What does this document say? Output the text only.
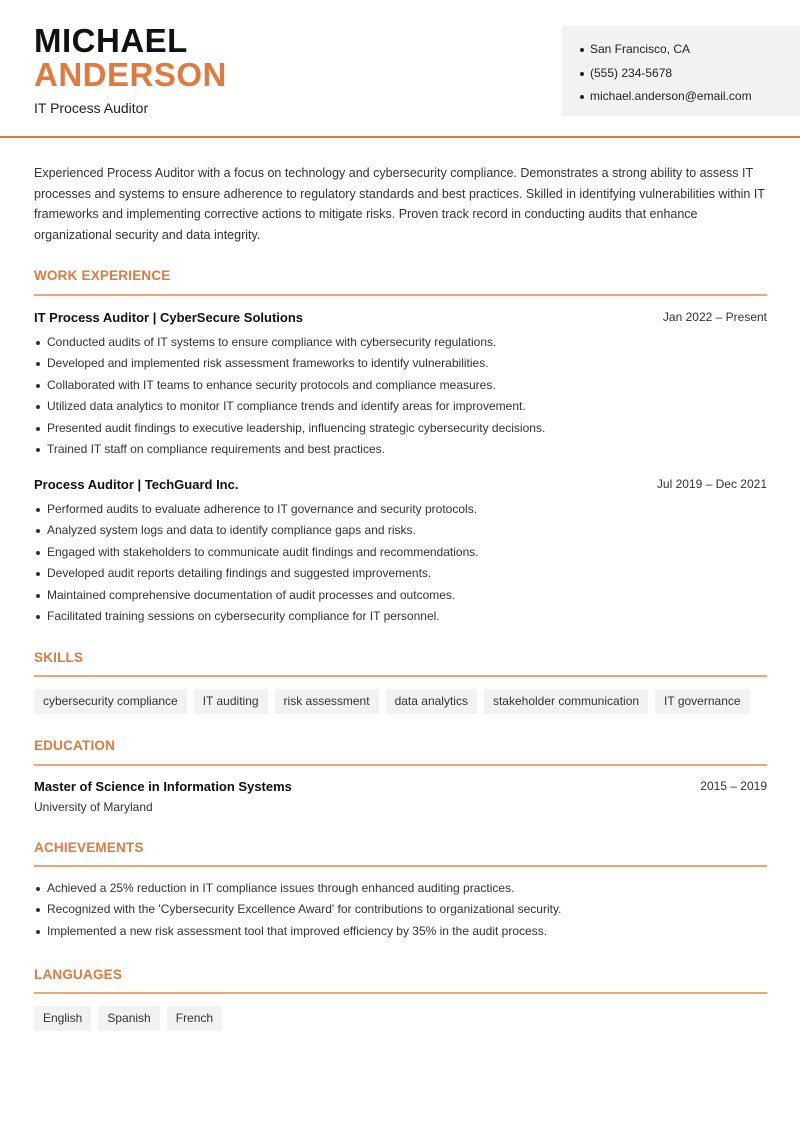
MICHAEL
ANDERSON
IT Process Auditor
San Francisco, CA
(555) 234-5678
michael.anderson@email.com

Experienced Process Auditor with a focus on technology and cybersecurity compliance. Demonstrates a strong ability to assess IT processes and systems to ensure adherence to regulatory standards and best practices. Skilled in identifying vulnerabilities within IT frameworks and implementing corrective actions to mitigate risks. Proven track record in conducting audits that enhance organizational security and data integrity.

WORK EXPERIENCE
IT Process Auditor | CyberSecure Solutions	Jan 2022 – Present
Conducted audits of IT systems to ensure compliance with cybersecurity regulations.
Developed and implemented risk assessment frameworks to identify vulnerabilities.
Collaborated with IT teams to enhance security protocols and compliance measures.
Utilized data analytics to monitor IT compliance trends and identify areas for improvement.
Presented audit findings to executive leadership, influencing strategic cybersecurity decisions.
Trained IT staff on compliance requirements and best practices.
Process Auditor | TechGuard Inc.	Jul 2019 – Dec 2021
Performed audits to evaluate adherence to IT governance and security protocols.
Analyzed system logs and data to identify compliance gaps and risks.
Engaged with stakeholders to communicate audit findings and recommendations.
Developed audit reports detailing findings and suggested improvements.
Maintained comprehensive documentation of audit processes and outcomes.
Facilitated training sessions on cybersecurity compliance for IT personnel.
SKILLS
cybersecurity compliance	IT auditing	risk assessment	data analytics	stakeholder communication	IT governance
EDUCATION
Master of Science in Information Systems	2015 – 2019
University of Maryland
ACHIEVEMENTS
Achieved a 25% reduction in IT compliance issues through enhanced auditing practices.
Recognized with the 'Cybersecurity Excellence Award' for contributions to organizational security.
Implemented a new risk assessment tool that improved efficiency by 35% in the audit process.
LANGUAGES
English	Spanish	French
